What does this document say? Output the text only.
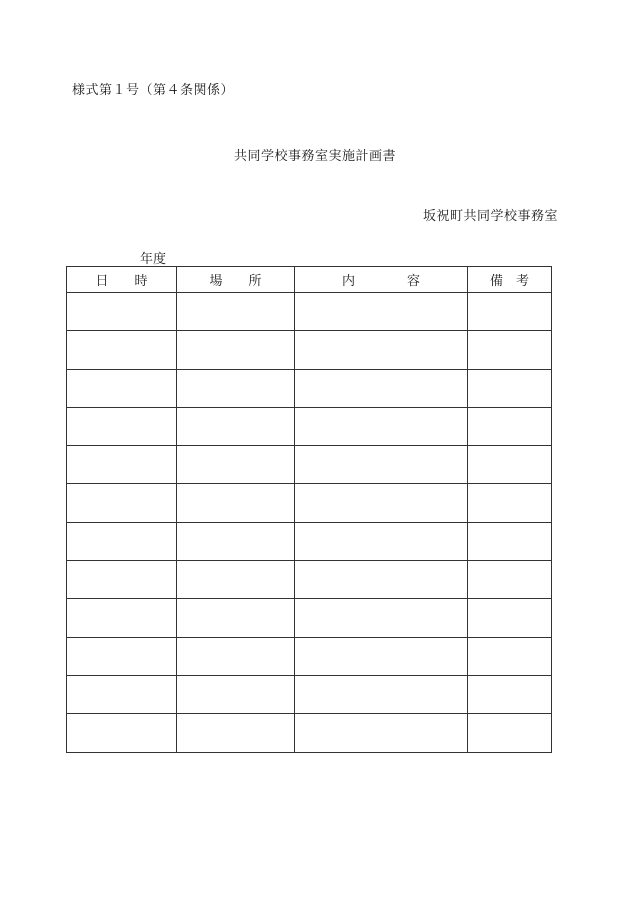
様式第１号（第４条関係）
共同学校事務室実施計画書
坂祝町共同学校事務室
年度
日　　時	場　　所	内　　　　容	備　考
